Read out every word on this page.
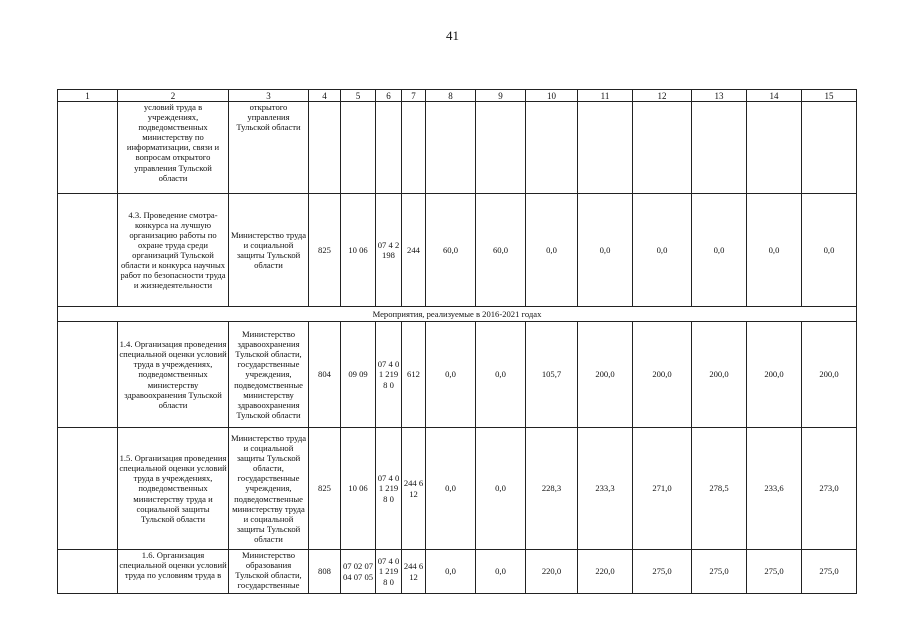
41
1	2	3	4	5	6	7	8	9	10	11	12	13	14	15
	условий труда в учреждениях, подведомственных министерству по информатизации, связи и вопросам открытого управления Тульской области	открытого управления Тульской области												
	4.3. Проведение смотра-конкурса на лучшую организацию работы по охране труда среди организаций Тульской области и конкурса научных работ по безопасности труда и жизнедеятельности	Министерство труда и социальной защиты Тульской области	825	10 06	07 4 2198	244	60,0	60,0	0,0	0,0	0,0	0,0	0,0	0,0
Мероприятия, реализуемые в 2016-2021 годах														
	1.4. Организация проведения специальной оценки условий труда в учреждениях, подведомственных министерству здравоохранения Тульской области	Министерство здравоохранения Тульской области, государственные учреждения, подведомственные министерству здравоохранения Тульской области	804	09 09	07 4 01 2198 0	612	0,0	0,0	105,7	200,0	200,0	200,0	200,0	200,0
	1.5. Организация проведения специальной оценки условий труда в учреждениях, подведомственных министерству труда и социальной защиты Тульской области	Министерство труда и социальной защиты Тульской области, государственные учреждения, подведомственные министерству труда и социальной защиты Тульской области	825	10 06	07 4 01 2198 0	244 612	0,0	0,0	228,3	233,3	271,0	278,5	233,6	273,0
	1.6. Организация специальной оценки условий труда по условиям труда в	Министерство образования Тульской области, государственные	808	07 02 07 04 07 05	07 4 01 2198 0	244 612	0,0	0,0	220,0	220,0	275,0	275,0	275,0	275,0
